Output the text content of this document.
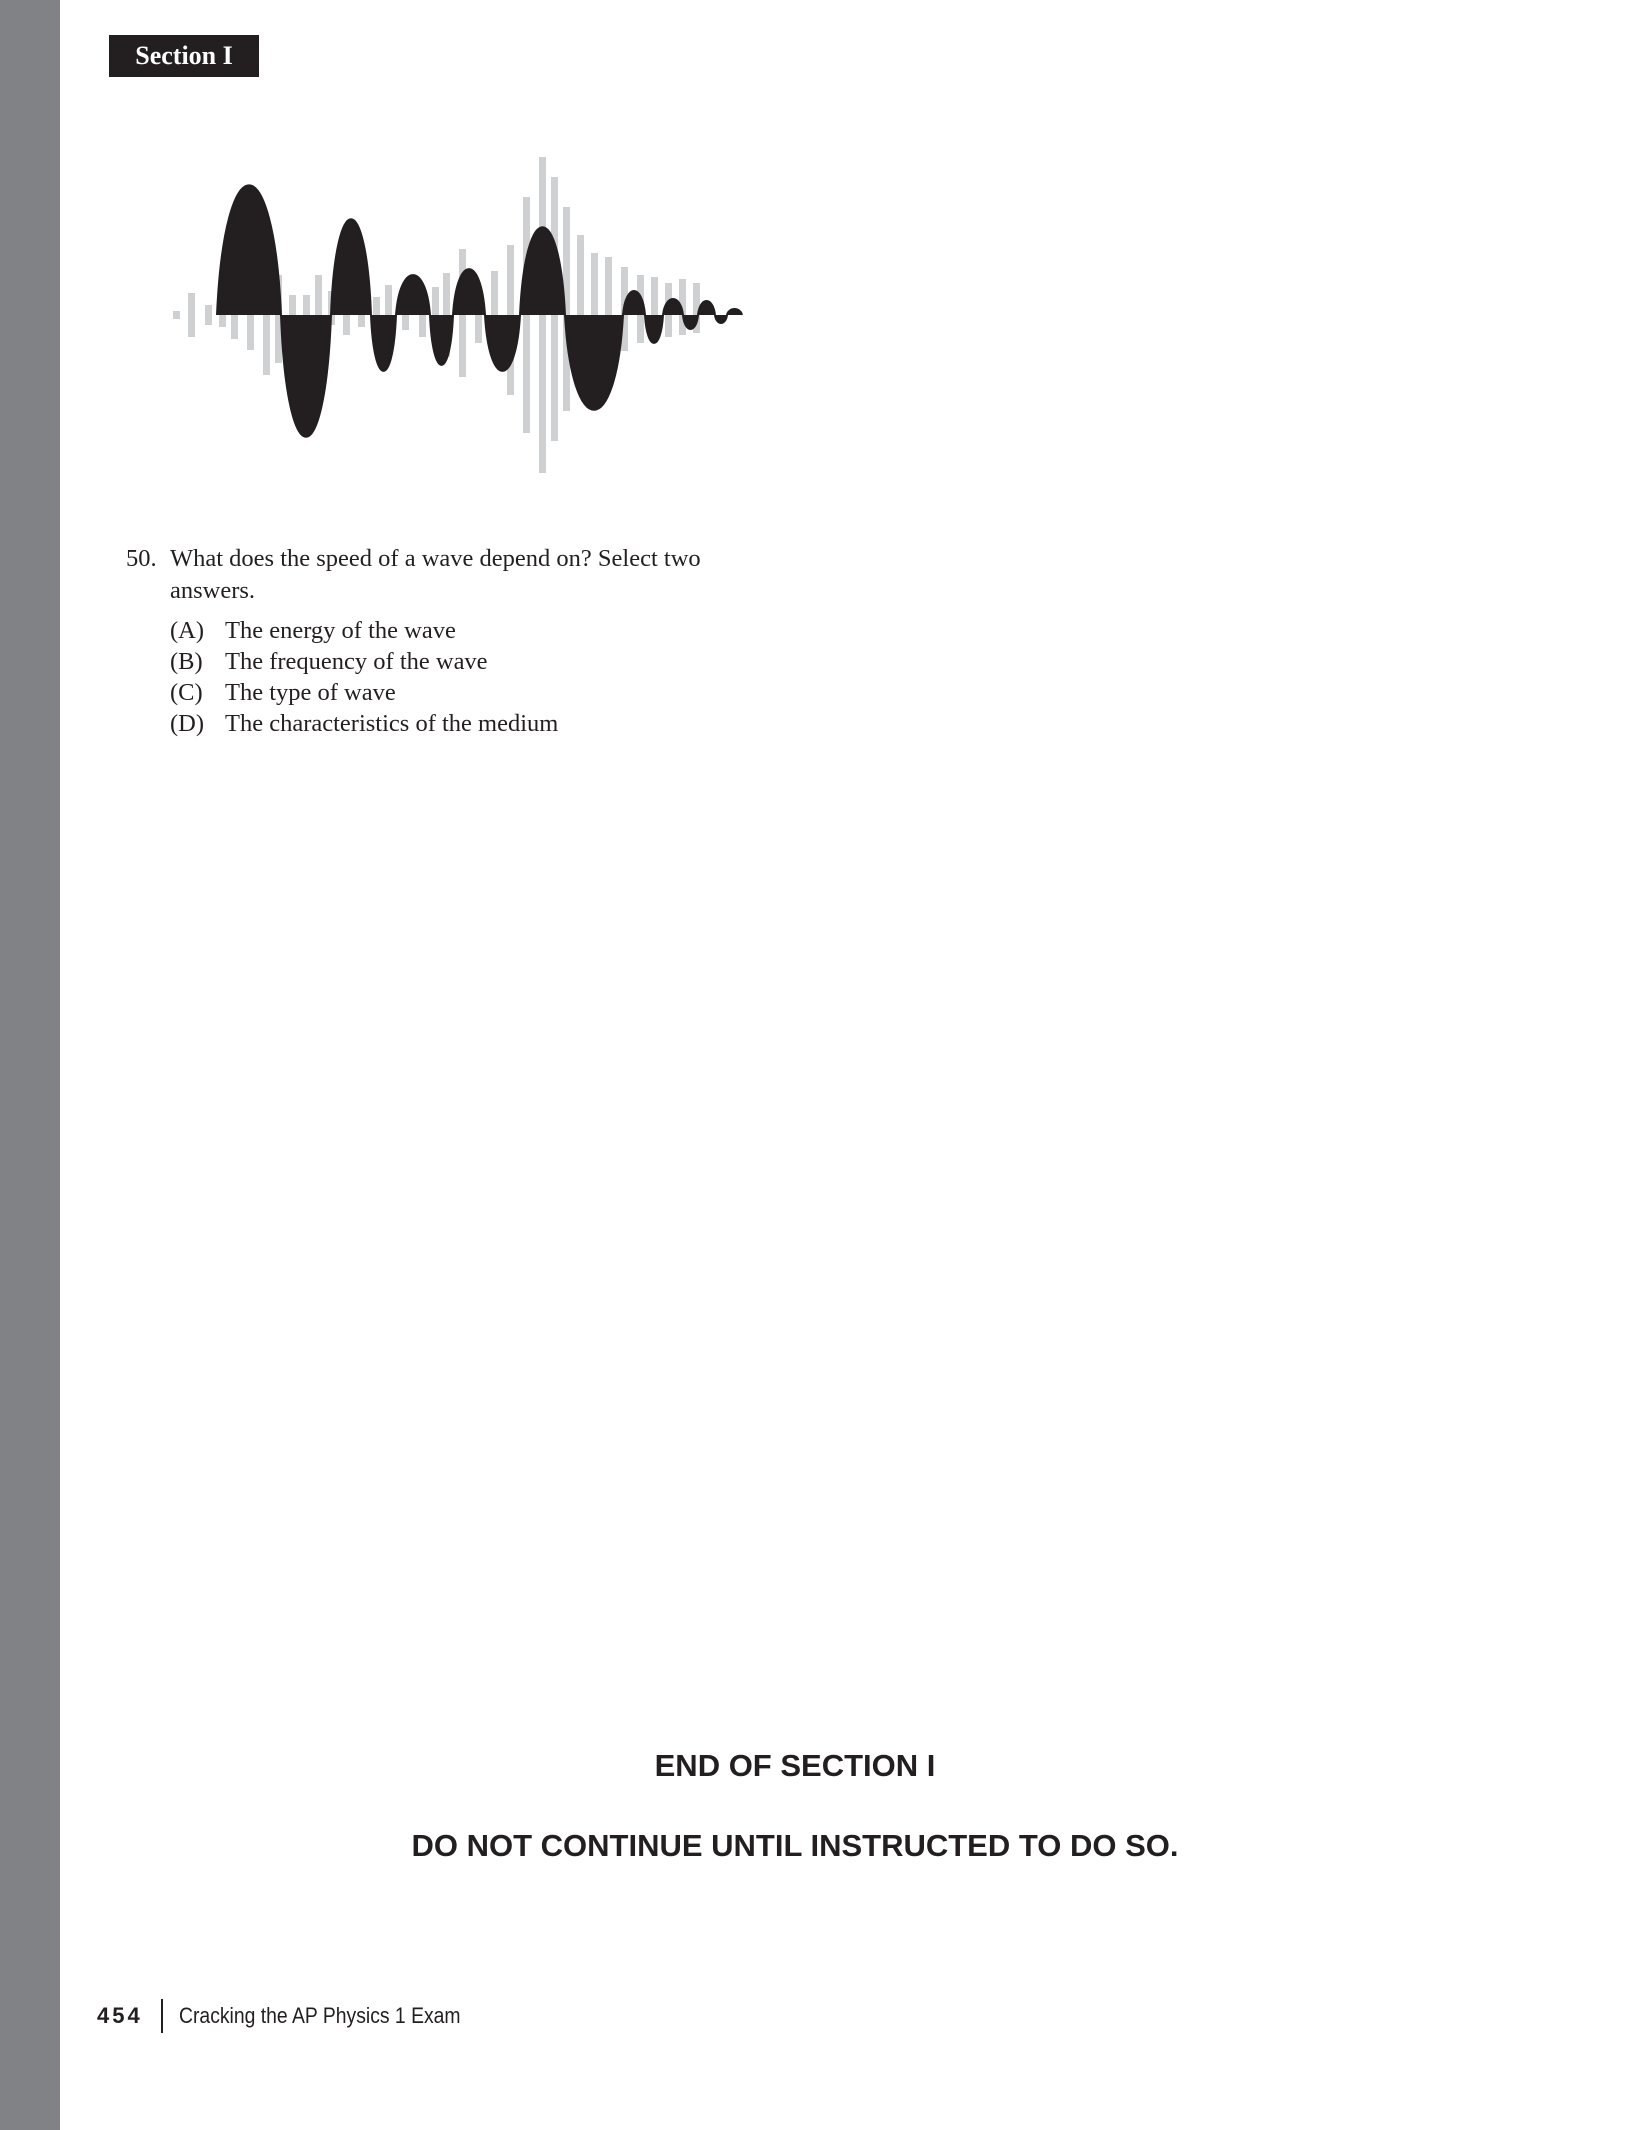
Section I
50. What does the speed of a wave depend on? Select two answers.
(A) The energy of the wave
(B) The frequency of the wave
(C) The type of wave
(D) The characteristics of the medium
END OF SECTION I
DO NOT CONTINUE UNTIL INSTRUCTED TO DO SO.
454 Cracking the AP Physics 1 Exam
